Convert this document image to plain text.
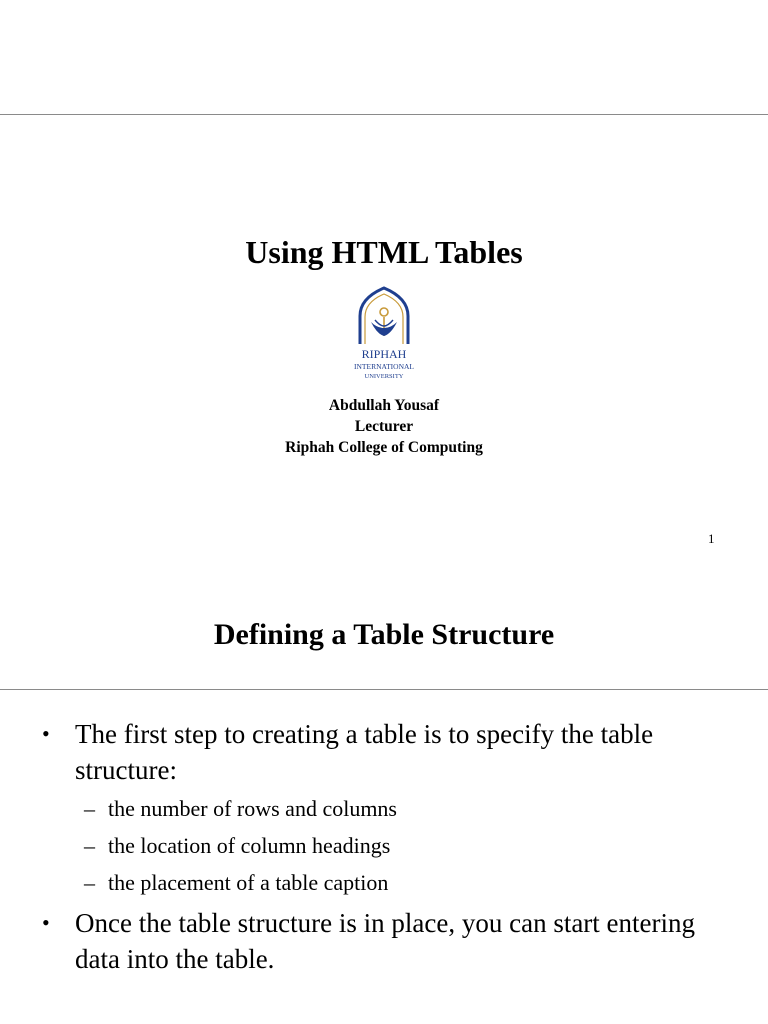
Using HTML Tables
RIPHAH
INTERNATIONAL
UNIVERSITY
Abdullah Yousaf
Lecturer
Riphah College of Computing
1
Defining a Table Structure
• The first step to creating a table is to specify the table structure:
– the number of rows and columns
– the location of column headings
– the placement of a table caption
• Once the table structure is in place, you can start entering data into the table.
